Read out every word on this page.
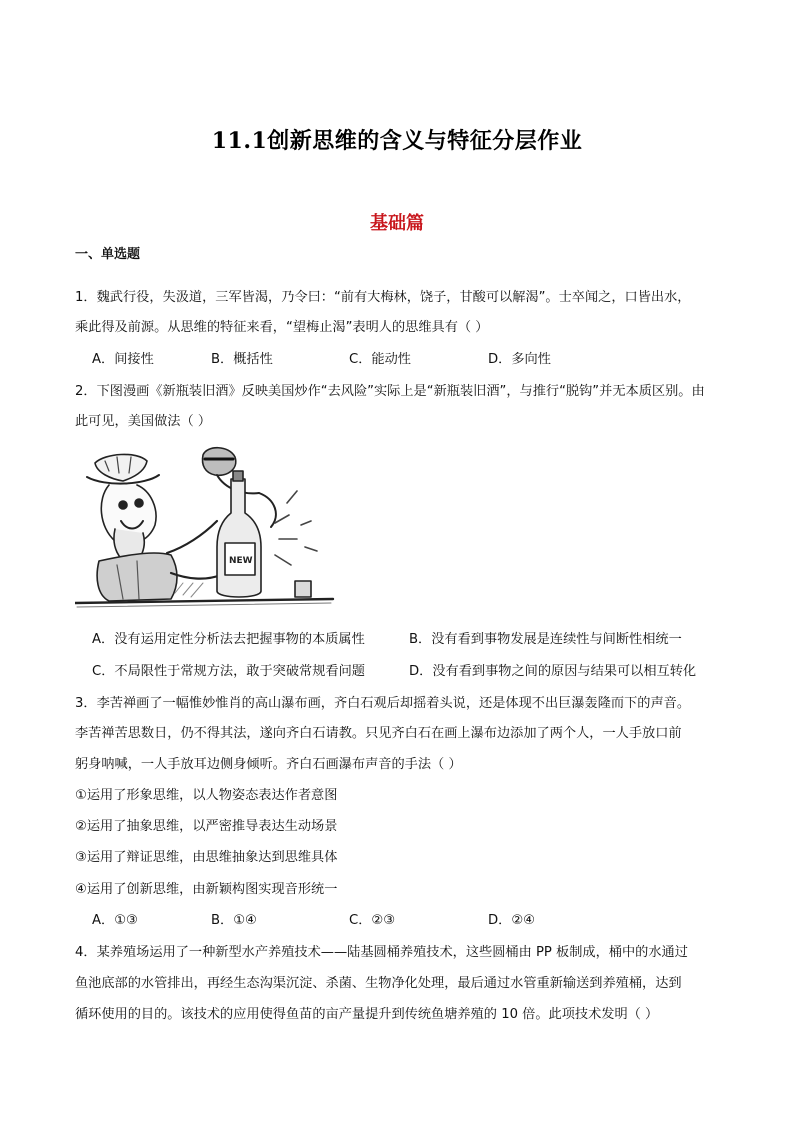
11.1创新思维的含义与特征分层作业
基础篇
一、单选题
1．魏武行役，失汲道，三军皆渴，乃令曰：“前有大梅林，饶子，甘酸可以解渴”。士卒闻之，口皆出水，
乘此得及前源。从思维的特征来看，“望梅止渴”表明人的思维具有（ ）
A．间接性	B．概括性	C．能动性	D．多向性
2．下图漫画《新瓶装旧酒》反映美国炒作“去风险”实际上是“新瓶装旧酒”，与推行“脱钩”并无本质区别。由
此可见，美国做法（ ）
NEW
A．没有运用定性分析法去把握事物的本质属性	B．没有看到事物发展是连续性与间断性相统一
C．不局限性于常规方法，敢于突破常规看问题	D．没有看到事物之间的原因与结果可以相互转化
3．李苦禅画了一幅惟妙惟肖的高山瀑布画，齐白石观后却摇着头说，还是体现不出巨瀑轰隆而下的声音。
李苦禅苦思数日，仍不得其法，遂向齐白石请教。只见齐白石在画上瀑布边添加了两个人，一人手放口前
躬身呐喊，一人手放耳边侧身倾听。齐白石画瀑布声音的手法（ ）
①运用了形象思维，以人物姿态表达作者意图
②运用了抽象思维，以严密推导表达生动场景
③运用了辩证思维，由思维抽象达到思维具体
④运用了创新思维，由新颖构图实现音形统一
A．①③	B．①④	C．②③	D．②④
4．某养殖场运用了一种新型水产养殖技术——陆基圆桶养殖技术，这些圆桶由 PP 板制成，桶中的水通过
鱼池底部的水管排出，再经生态沟渠沉淀、杀菌、生物净化处理，最后通过水管重新输送到养殖桶，达到
循环使用的目的。该技术的应用使得鱼苗的亩产量提升到传统鱼塘养殖的 10 倍。此项技术发明（ ）
